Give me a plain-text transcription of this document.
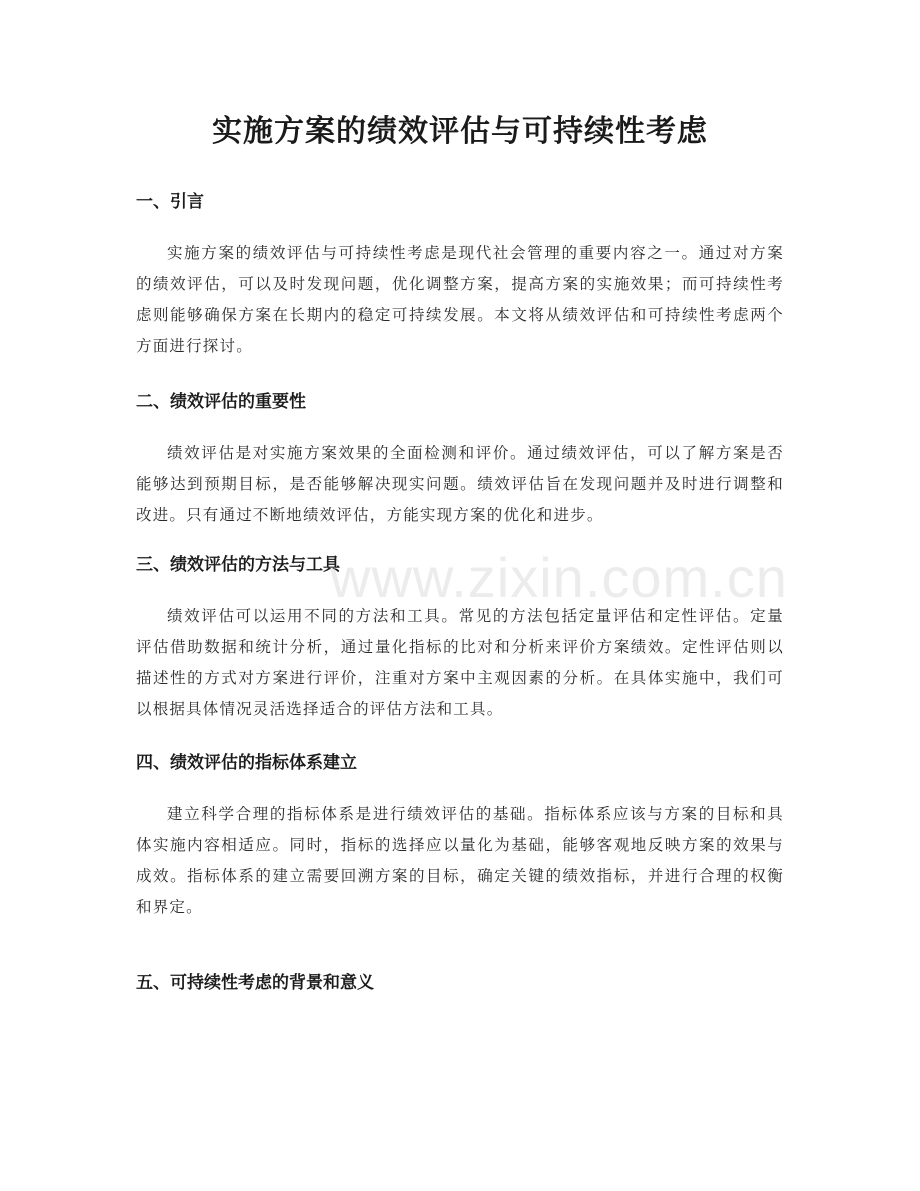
实施方案的绩效评估与可持续性考虑
一、引言

实施方案的绩效评估与可持续性考虑是现代社会管理的重要内容之一。通过对方案的绩效评估，可以及时发现问题，优化调整方案，提高方案的实施效果；而可持续性考虑则能够确保方案在长期内的稳定可持续发展。本文将从绩效评估和可持续性考虑两个方面进行探讨。

二、绩效评估的重要性

绩效评估是对实施方案效果的全面检测和评价。通过绩效评估，可以了解方案是否能够达到预期目标，是否能够解决现实问题。绩效评估旨在发现问题并及时进行调整和改进。只有通过不断地绩效评估，方能实现方案的优化和进步。

三、绩效评估的方法与工具

绩效评估可以运用不同的方法和工具。常见的方法包括定量评估和定性评估。定量评估借助数据和统计分析，通过量化指标的比对和分析来评价方案绩效。定性评估则以描述性的方式对方案进行评价，注重对方案中主观因素的分析。在具体实施中，我们可以根据具体情况灵活选择适合的评估方法和工具。

四、绩效评估的指标体系建立

建立科学合理的指标体系是进行绩效评估的基础。指标体系应该与方案的目标和具体实施内容相适应。同时，指标的选择应以量化为基础，能够客观地反映方案的效果与成效。指标体系的建立需要回溯方案的目标，确定关键的绩效指标，并进行合理的权衡和界定。

五、可持续性考虑的背景和意义
www.zixin.com.cn
